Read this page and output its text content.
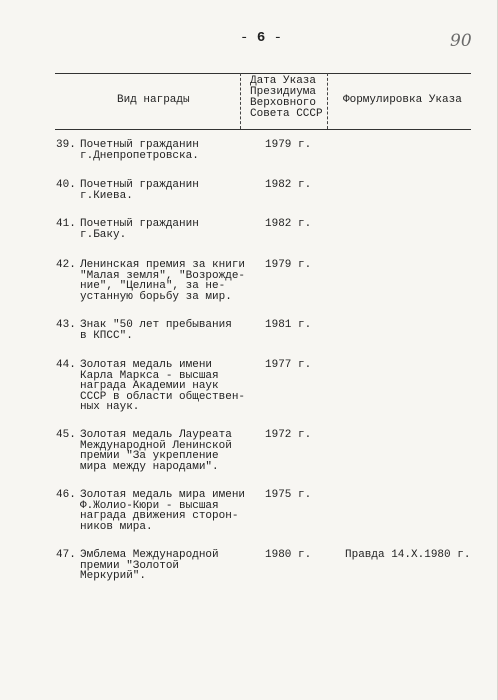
- 6 -	90
Вид награды
Дата Указа
Президиума
Верховного
Совета СССР
Формулировка Указа
39. Почетный гражданин
г.Днепропетровска.
1979 г.
40. Почетный гражданин
г.Киева.
1982 г.
41. Почетный гражданин
г.Баку.
1982 г.
42. Ленинская премия за книги
"Малая земля", "Возрожде-
ние", "Целина", за не-
устанную борьбу за мир.
1979 г.
43. Знак "50 лет пребывания
в КПСС".
1981 г.
44. Золотая медаль имени
Карла Маркса - высшая
награда Академии наук
СССР в области обществен-
ных наук.
1977 г.
45. Золотая медаль Лауреата
Международной Ленинской
премии "За укрепление
мира между народами".
1972 г.
46. Золотая медаль мира имени
Ф.Жолио-Кюри - высшая
награда движения сторон-
ников мира.
1975 г.
47. Эмблема Международной
премии "Золотой Меркурий".
1980 г.	Правда 14.X.1980 г.
